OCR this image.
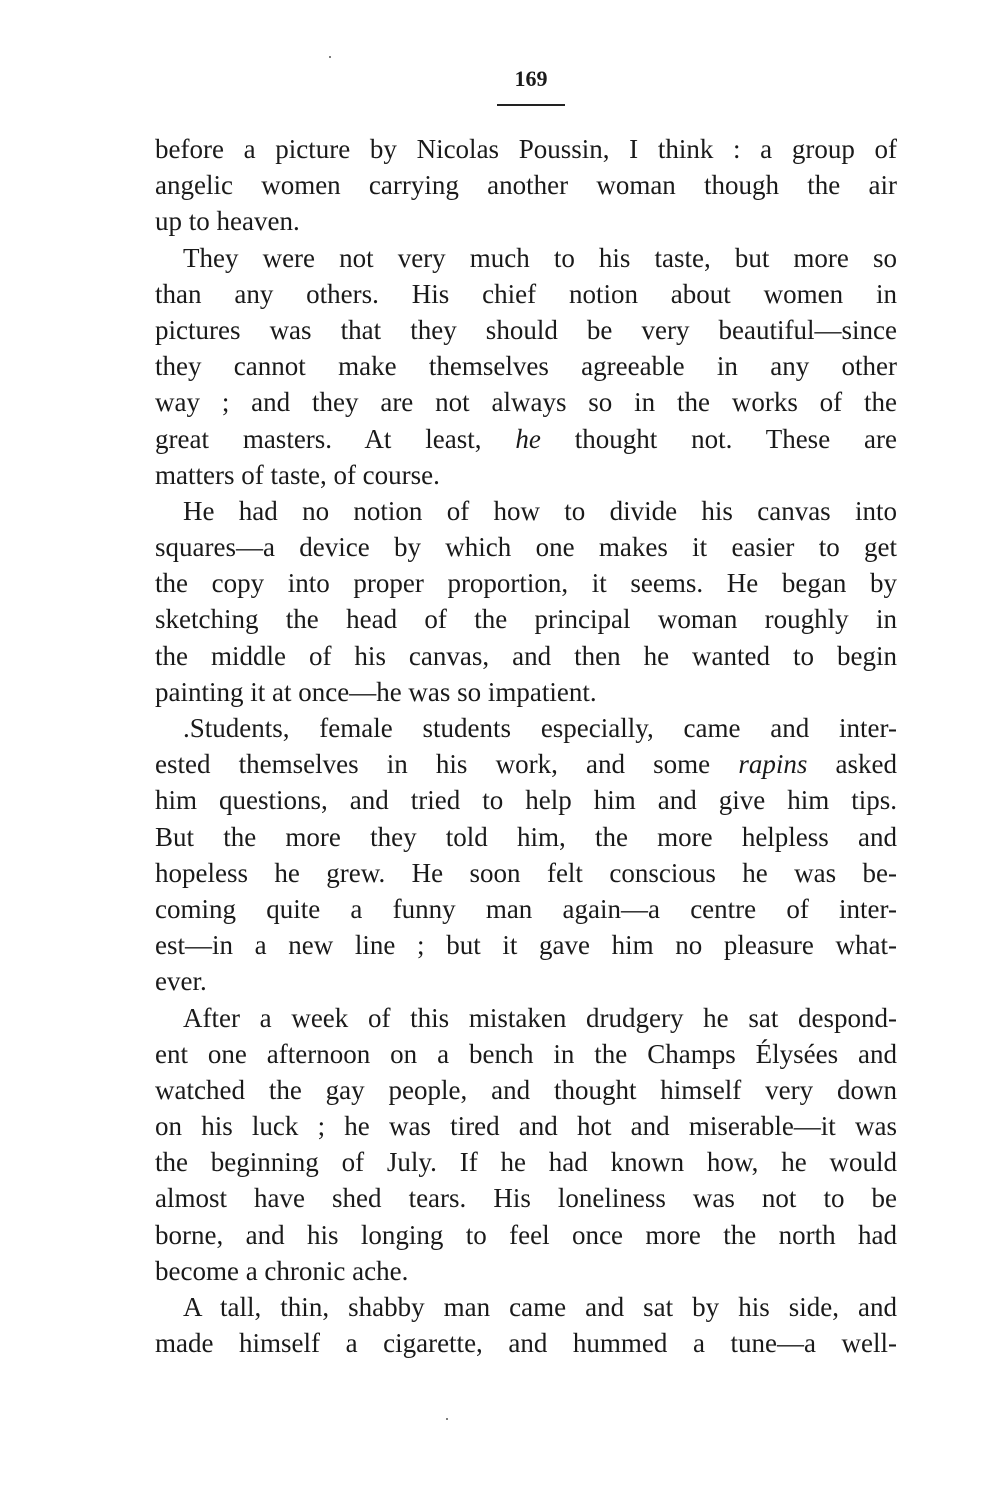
169
before a picture by Nicolas Poussin, I think : a group of
angelic women carrying another woman though the air
up to heaven.
They were not very much to his taste, but more so
than any others. His chief notion about women in
pictures was that they should be very beautiful—since
they cannot make themselves agreeable in any other
way ; and they are not always so in the works of the
great masters. At least, he thought not. These are
matters of taste, of course.
He had no notion of how to divide his canvas into
squares—a device by which one makes it easier to get
the copy into proper proportion, it seems. He began by
sketching the head of the principal woman roughly in
the middle of his canvas, and then he wanted to begin
painting it at once—he was so impatient.
.Students, female students especially, came and inter-
ested themselves in his work, and some rapins asked
him questions, and tried to help him and give him tips.
But the more they told him, the more helpless and
hopeless he grew. He soon felt conscious he was be-
coming quite a funny man again—a centre of inter-
est—in a new line ; but it gave him no pleasure what-
ever.
After a week of this mistaken drudgery he sat despond-
ent one afternoon on a bench in the Champs Élysées and
watched the gay people, and thought himself very down
on his luck ; he was tired and hot and miserable—it was
the beginning of July. If he had known how, he would
almost have shed tears. His loneliness was not to be
borne, and his longing to feel once more the north had
become a chronic ache.
A tall, thin, shabby man came and sat by his side, and
made himself a cigarette, and hummed a tune—a well-
